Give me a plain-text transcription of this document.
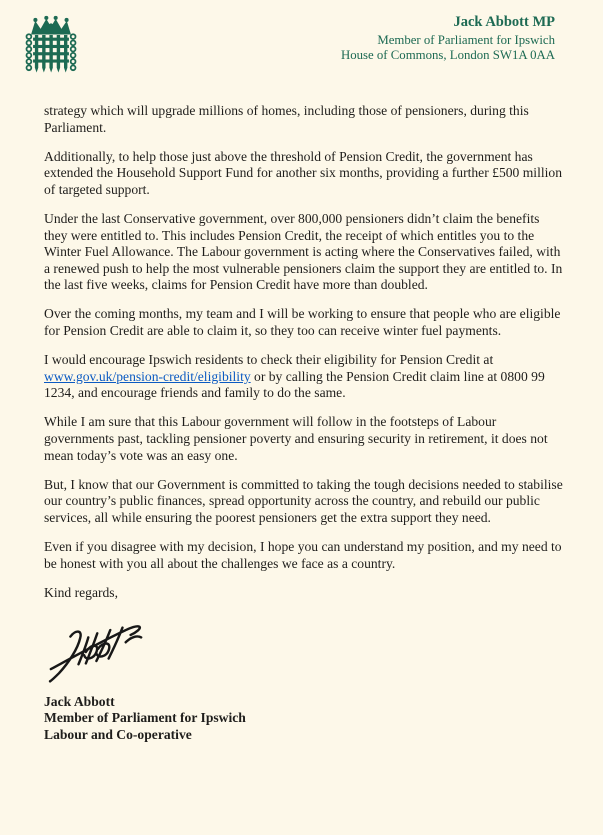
Jack Abbott MP
Member of Parliament for Ipswich
House of Commons, London SW1A 0AA

strategy which will upgrade millions of homes, including those of pensioners, during this Parliament.

Additionally, to help those just above the threshold of Pension Credit, the government has extended the Household Support Fund for another six months, providing a further £500 million of targeted support.

Under the last Conservative government, over 800,000 pensioners didn’t claim the benefits they were entitled to. This includes Pension Credit, the receipt of which entitles you to the Winter Fuel Allowance. The Labour government is acting where the Conservatives failed, with a renewed push to help the most vulnerable pensioners claim the support they are entitled to. In the last five weeks, claims for Pension Credit have more than doubled.

Over the coming months, my team and I will be working to ensure that people who are eligible for Pension Credit are able to claim it, so they too can receive winter fuel payments.

I would encourage Ipswich residents to check their eligibility for Pension Credit at www.gov.uk/pension-credit/eligibility or by calling the Pension Credit claim line at 0800 99 1234, and encourage friends and family to do the same.

While I am sure that this Labour government will follow in the footsteps of Labour governments past, tackling pensioner poverty and ensuring security in retirement, it does not mean today’s vote was an easy one.

But, I know that our Government is committed to taking the tough decisions needed to stabilise our country’s public finances, spread opportunity across the country, and rebuild our public services, all while ensuring the poorest pensioners get the extra support they need.

Even if you disagree with my decision, I hope you can understand my position, and my need to be honest with you all about the challenges we face as a country.

Kind regards,

Jack Abbott
Member of Parliament for Ipswich
Labour and Co-operative
